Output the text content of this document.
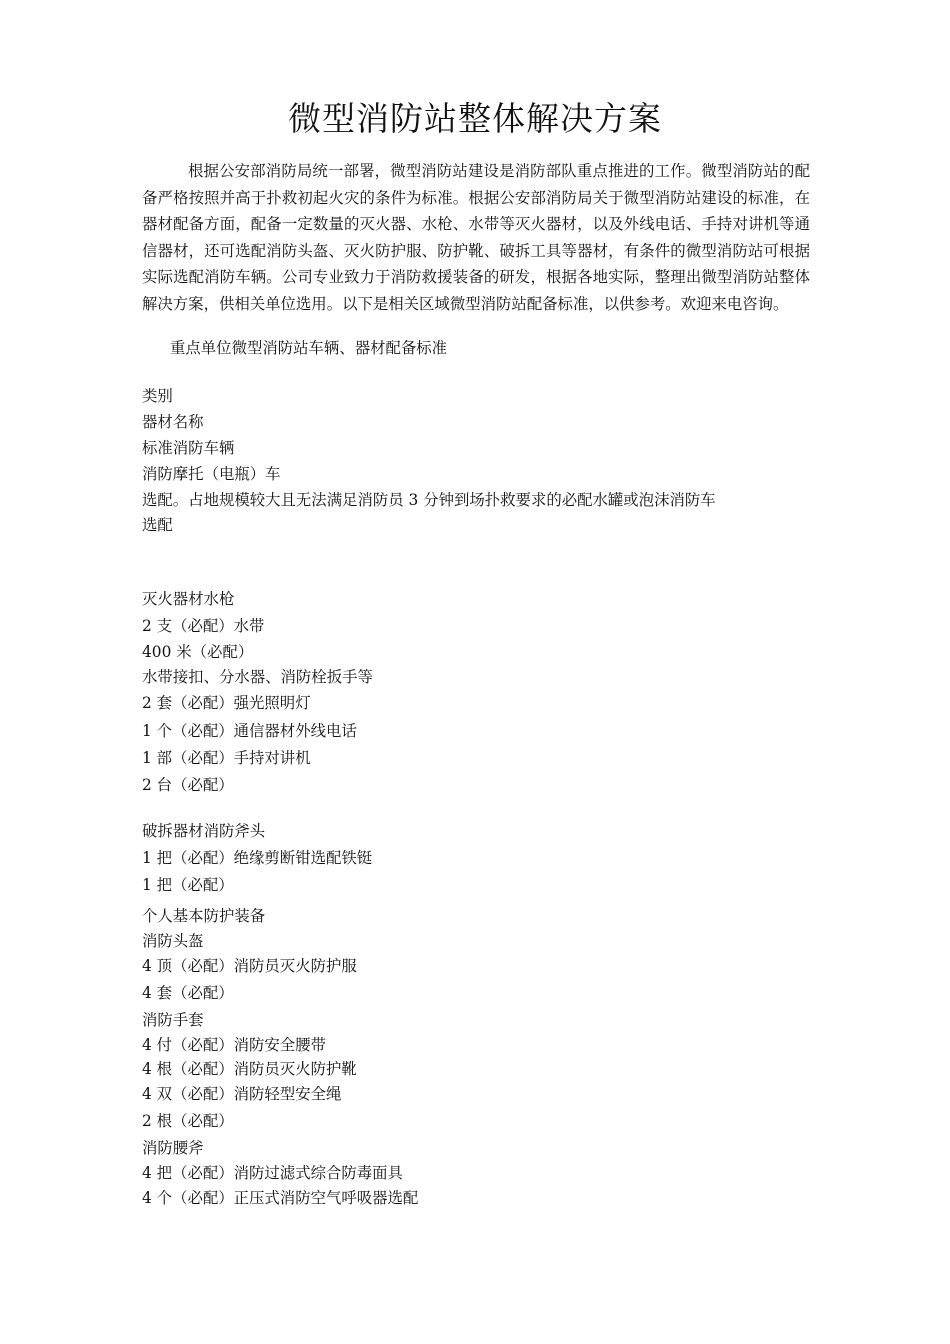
微型消防站整体解决方案

根据公安部消防局统一部署，微型消防站建设是消防部队重点推进的工作。微型消防站的配备严格按照并高于扑救初起火灾的条件为标准。根据公安部消防局关于微型消防站建设的标准，在器材配备方面，配备一定数量的灭火器、水枪、水带等灭火器材，以及外线电话、手持对讲机等通信器材，还可选配消防头盔、灭火防护服、防护靴、破拆工具等器材，有条件的微型消防站可根据实际选配消防车辆。公司专业致力于消防救援装备的研发，根据各地实际，整理出微型消防站整体解决方案，供相关单位选用。以下是相关区域微型消防站配备标准，以供参考。欢迎来电咨询。

重点单位微型消防站车辆、器材配备标准

类别

器材名称

标准消防车辆

消防摩托（电瓶）车

选配。占地规模较大且无法满足消防员 3 分钟到场扑救要求的必配水罐或泡沫消防车

选配

灭火器材水枪

2 支（必配）水带

400 米（必配）

水带接扣、分水器、消防栓扳手等

2 套（必配）强光照明灯

1 个（必配）通信器材外线电话

1 部（必配）手持对讲机

2 台（必配）

破拆器材消防斧头

1 把（必配）绝缘剪断钳选配铁铤

1 把（必配）

个人基本防护装备

消防头盔

4 顶（必配）消防员灭火防护服

4 套（必配）

消防手套

4 付（必配）消防安全腰带

4 根（必配）消防员灭火防护靴

4 双（必配）消防轻型安全绳

2 根（必配）

消防腰斧

4 把（必配）消防过滤式综合防毒面具

4 个（必配）正压式消防空气呼吸器选配
